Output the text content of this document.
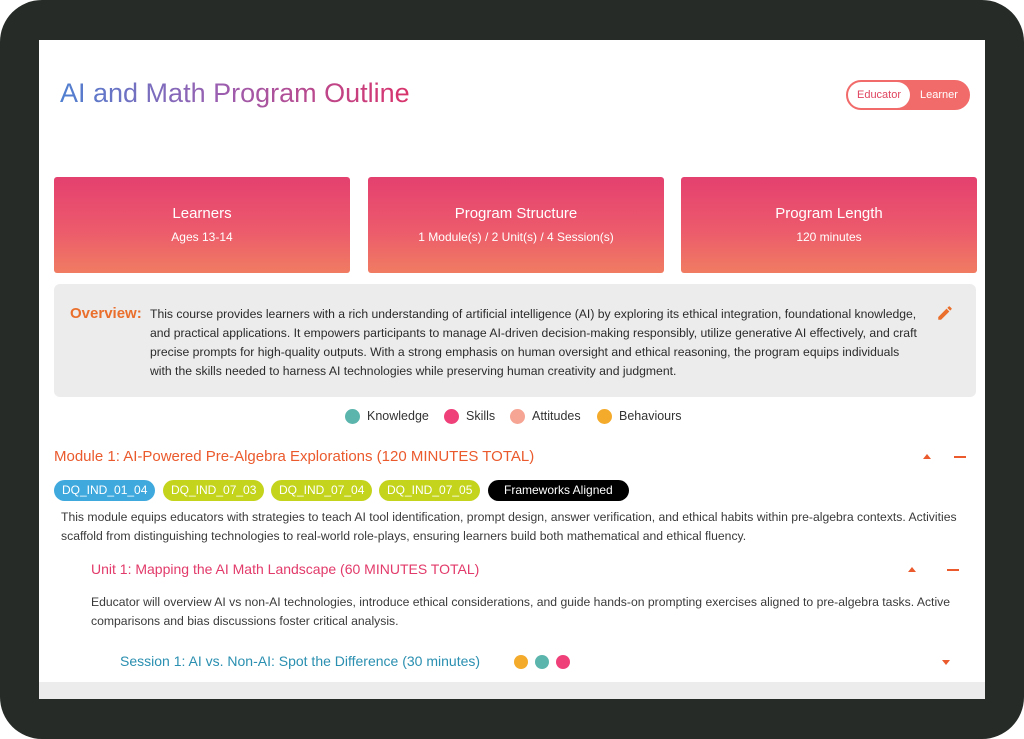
AI and Math Program Outline	Educator	Learner
Learners
Ages 13-14
Program Structure
1 Module(s) / 2 Unit(s) / 4 Session(s)
Program Length
120 minutes
Overview: This course provides learners with a rich understanding of artificial intelligence (AI) by exploring its ethical integration, foundational knowledge, and practical applications. It empowers participants to manage AI-driven decision-making responsibly, utilize generative AI effectively, and craft precise prompts for high-quality outputs. With a strong emphasis on human oversight and ethical reasoning, the program equips individuals with the skills needed to harness AI technologies while preserving human creativity and judgment.
Knowledge	Skills	Attitudes	Behaviours
Module 1: AI-Powered Pre-Algebra Explorations (120 MINUTES TOTAL)
DQ_IND_01_04	DQ_IND_07_03	DQ_IND_07_04	DQ_IND_07_05	Frameworks Aligned
This module equips educators with strategies to teach AI tool identification, prompt design, answer verification, and ethical habits within pre-algebra contexts. Activities scaffold from distinguishing technologies to real-world role-plays, ensuring learners build both mathematical and ethical fluency.
Unit 1: Mapping the AI Math Landscape (60 MINUTES TOTAL)
Educator will overview AI vs non-AI technologies, introduce ethical considerations, and guide hands-on prompting exercises aligned to pre-algebra tasks. Active comparisons and bias discussions foster critical analysis.
Session 1: AI vs. Non-AI: Spot the Difference (30 minutes)
